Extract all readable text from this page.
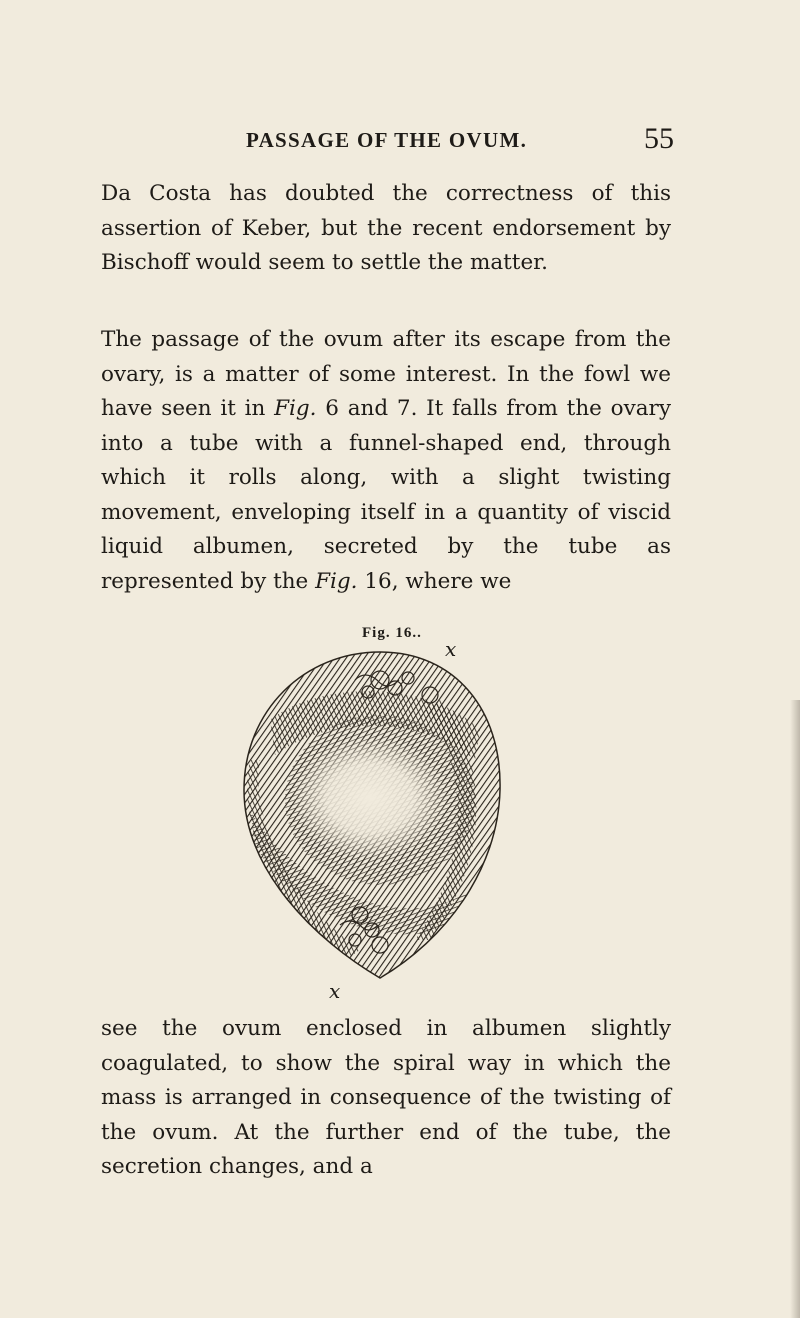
PASSAGE OF THE OVUM.	55

Da Costa has doubted the correctness of this assertion of Keber, but the recent endorsement by Bischoff would seem to settle the matter.

The passage of the ovum after its escape from the ovary, is a matter of some interest. In the fowl we have seen it in Fig. 6 and 7. It falls from the ovary into a tube with a funnel-shaped end, through which it rolls along, with a slight twisting movement, enveloping itself in a quantity of viscid liquid albumen, secreted by the tube as represented by the Fig. 16, where we

Fig. 16..
x
x

see the ovum enclosed in albumen slightly coagulated, to show the spiral way in which the mass is arranged in consequence of the twisting of the ovum. At the further end of the tube, the secretion changes, and a
